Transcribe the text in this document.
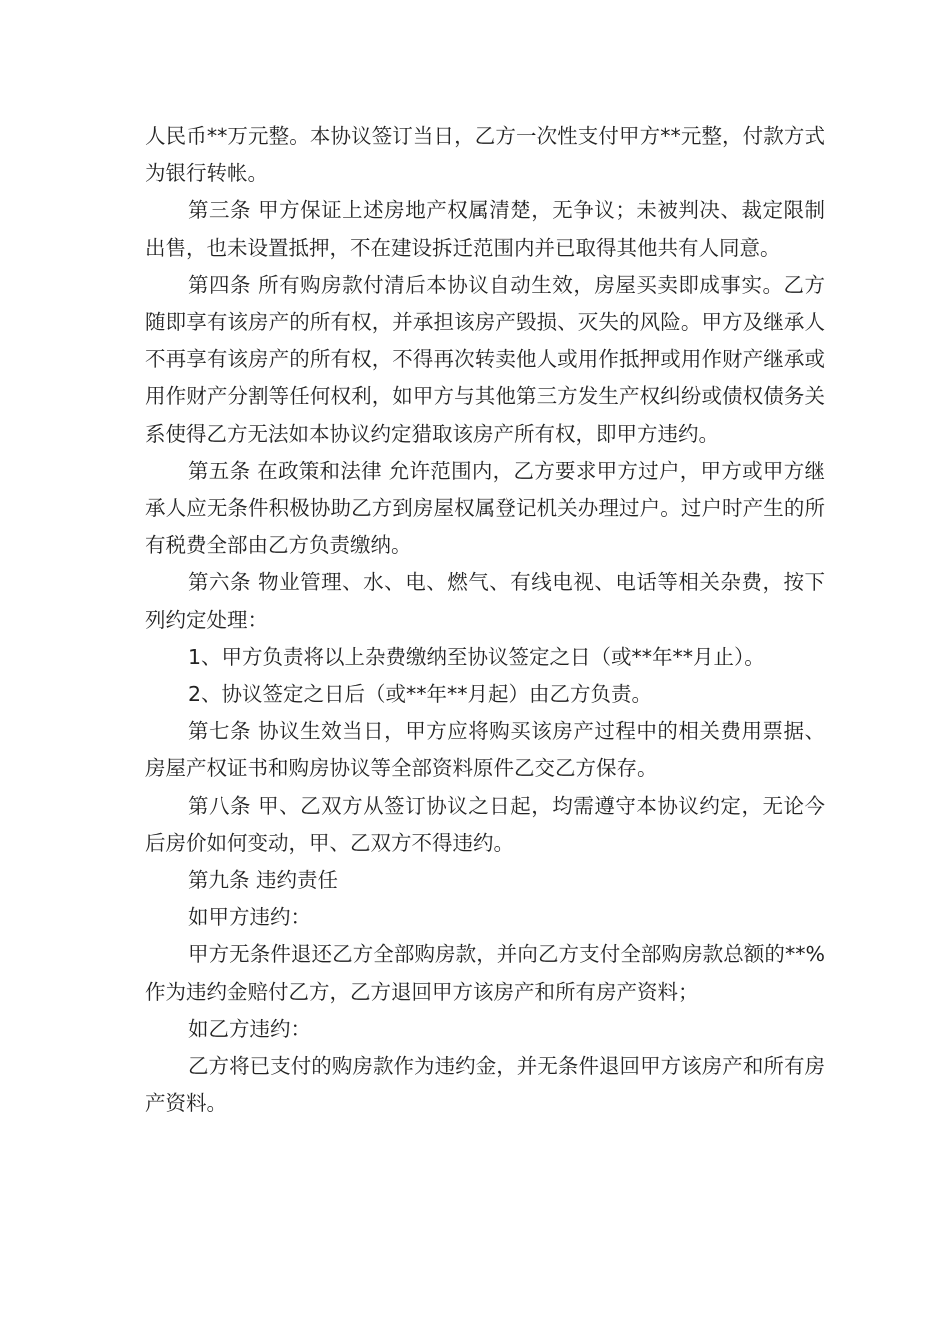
人民币**万元整。本协议签订当日，乙方一次性支付甲方**元整，付款方式为银行转帐。

第三条 甲方保证上述房地产权属清楚，无争议；未被判决、裁定限制出售，也未设置抵押，不在建设拆迁范围内并已取得其他共有人同意。

第四条 所有购房款付清后本协议自动生效，房屋买卖即成事实。乙方随即享有该房产的所有权，并承担该房产毁损、灭失的风险。甲方及继承人不再享有该房产的所有权，不得再次转卖他人或用作抵押或用作财产继承或用作财产分割等任何权利，如甲方与其他第三方发生产权纠纷或债权债务关系使得乙方无法如本协议约定猎取该房产所有权，即甲方违约。

第五条 在政策和法律 允许范围内，乙方要求甲方过户，甲方或甲方继承人应无条件积极协助乙方到房屋权属登记机关办理过户。过户时产生的所有税费全部由乙方负责缴纳。

第六条 物业管理、水、电、燃气、有线电视、电话等相关杂费，按下列约定处理：

1、甲方负责将以上杂费缴纳至协议签定之日（或**年**月止）。

2、协议签定之日后（或**年**月起）由乙方负责。

第七条 协议生效当日，甲方应将购买该房产过程中的相关费用票据、房屋产权证书和购房协议等全部资料原件乙交乙方保存。

第八条 甲、乙双方从签订协议之日起，均需遵守本协议约定，无论今后房价如何变动，甲、乙双方不得违约。

第九条 违约责任

如甲方违约：

甲方无条件退还乙方全部购房款，并向乙方支付全部购房款总额的**%作为违约金赔付乙方，乙方退回甲方该房产和所有房产资料；

如乙方违约：

乙方将已支付的购房款作为违约金，并无条件退回甲方该房产和所有房产资料。
